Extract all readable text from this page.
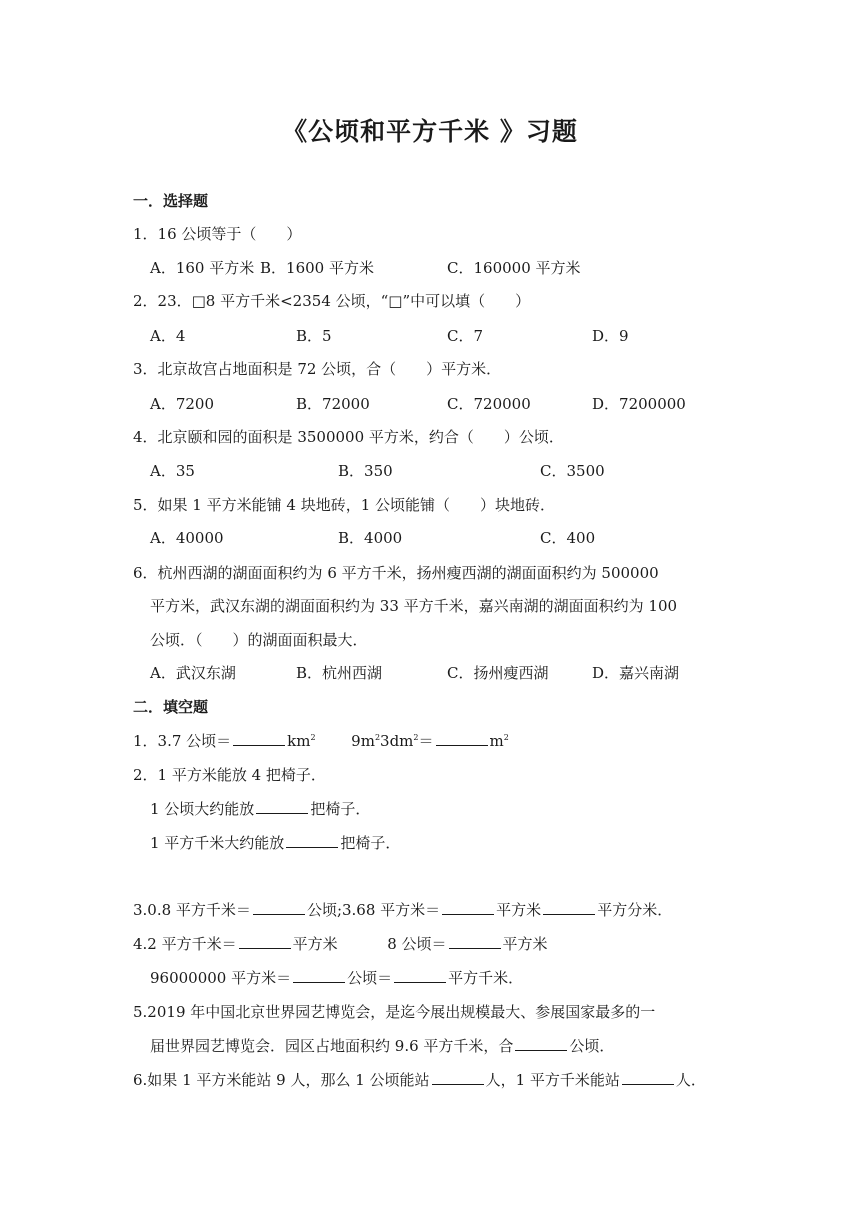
《公顷和平方千米 》习题
一．选择题
1．16 公顷等于（　　）
A．160 平方米 B．1600 平方米	C．160000 平方米
2．23．□8 平方千米<2354 公顷，“□”中可以填（　　）
A．4	B．5	C．7	D．9
3．北京故宫占地面积是 72 公顷，合（　　）平方米．
A．7200	B．72000	C．720000	D．7200000
4．北京颐和园的面积是 3500000 平方米，约合（　　）公顷．
A．35	B．350	C．3500
5．如果 1 平方米能铺 4 块地砖，1 公顷能铺（　　）块地砖．
A．40000	B．4000	C．400
6．杭州西湖的湖面面积约为 6 平方千米，扬州瘦西湖的湖面面积约为 500000
平方米，武汉东湖的湖面面积约为 33 平方千米，嘉兴南湖的湖面面积约为 100
公顷．（　　）的湖面面积最大．
A．武汉东湖	B．杭州西湖	C．扬州瘦西湖	D．嘉兴南湖
二．填空题
1．3.7 公顷＝	$km^2$ $9m^23dm^2=$	$m^2$
2．1 平方米能放 4 把椅子．
1 公顷大约能放	把椅子．
1 平方千米大约能放	把椅子．
3.0.8 平方千米＝	公顷;3.68 平方米＝	平方米	平方分米．
4.2 平方千米＝	平方米	8 公顷＝	平方米
96000000 平方米＝	公顷＝	平方千米．
5.2019 年中国北京世界园艺博览会，是迄今展出规模最大、参展国家最多的一
届世界园艺博览会．园区占地面积约 9.6 平方千米，合	公顷．
6.如果 1 平方米能站 9 人，那么 1 公顷能站	人，1 平方千米能站	人．
